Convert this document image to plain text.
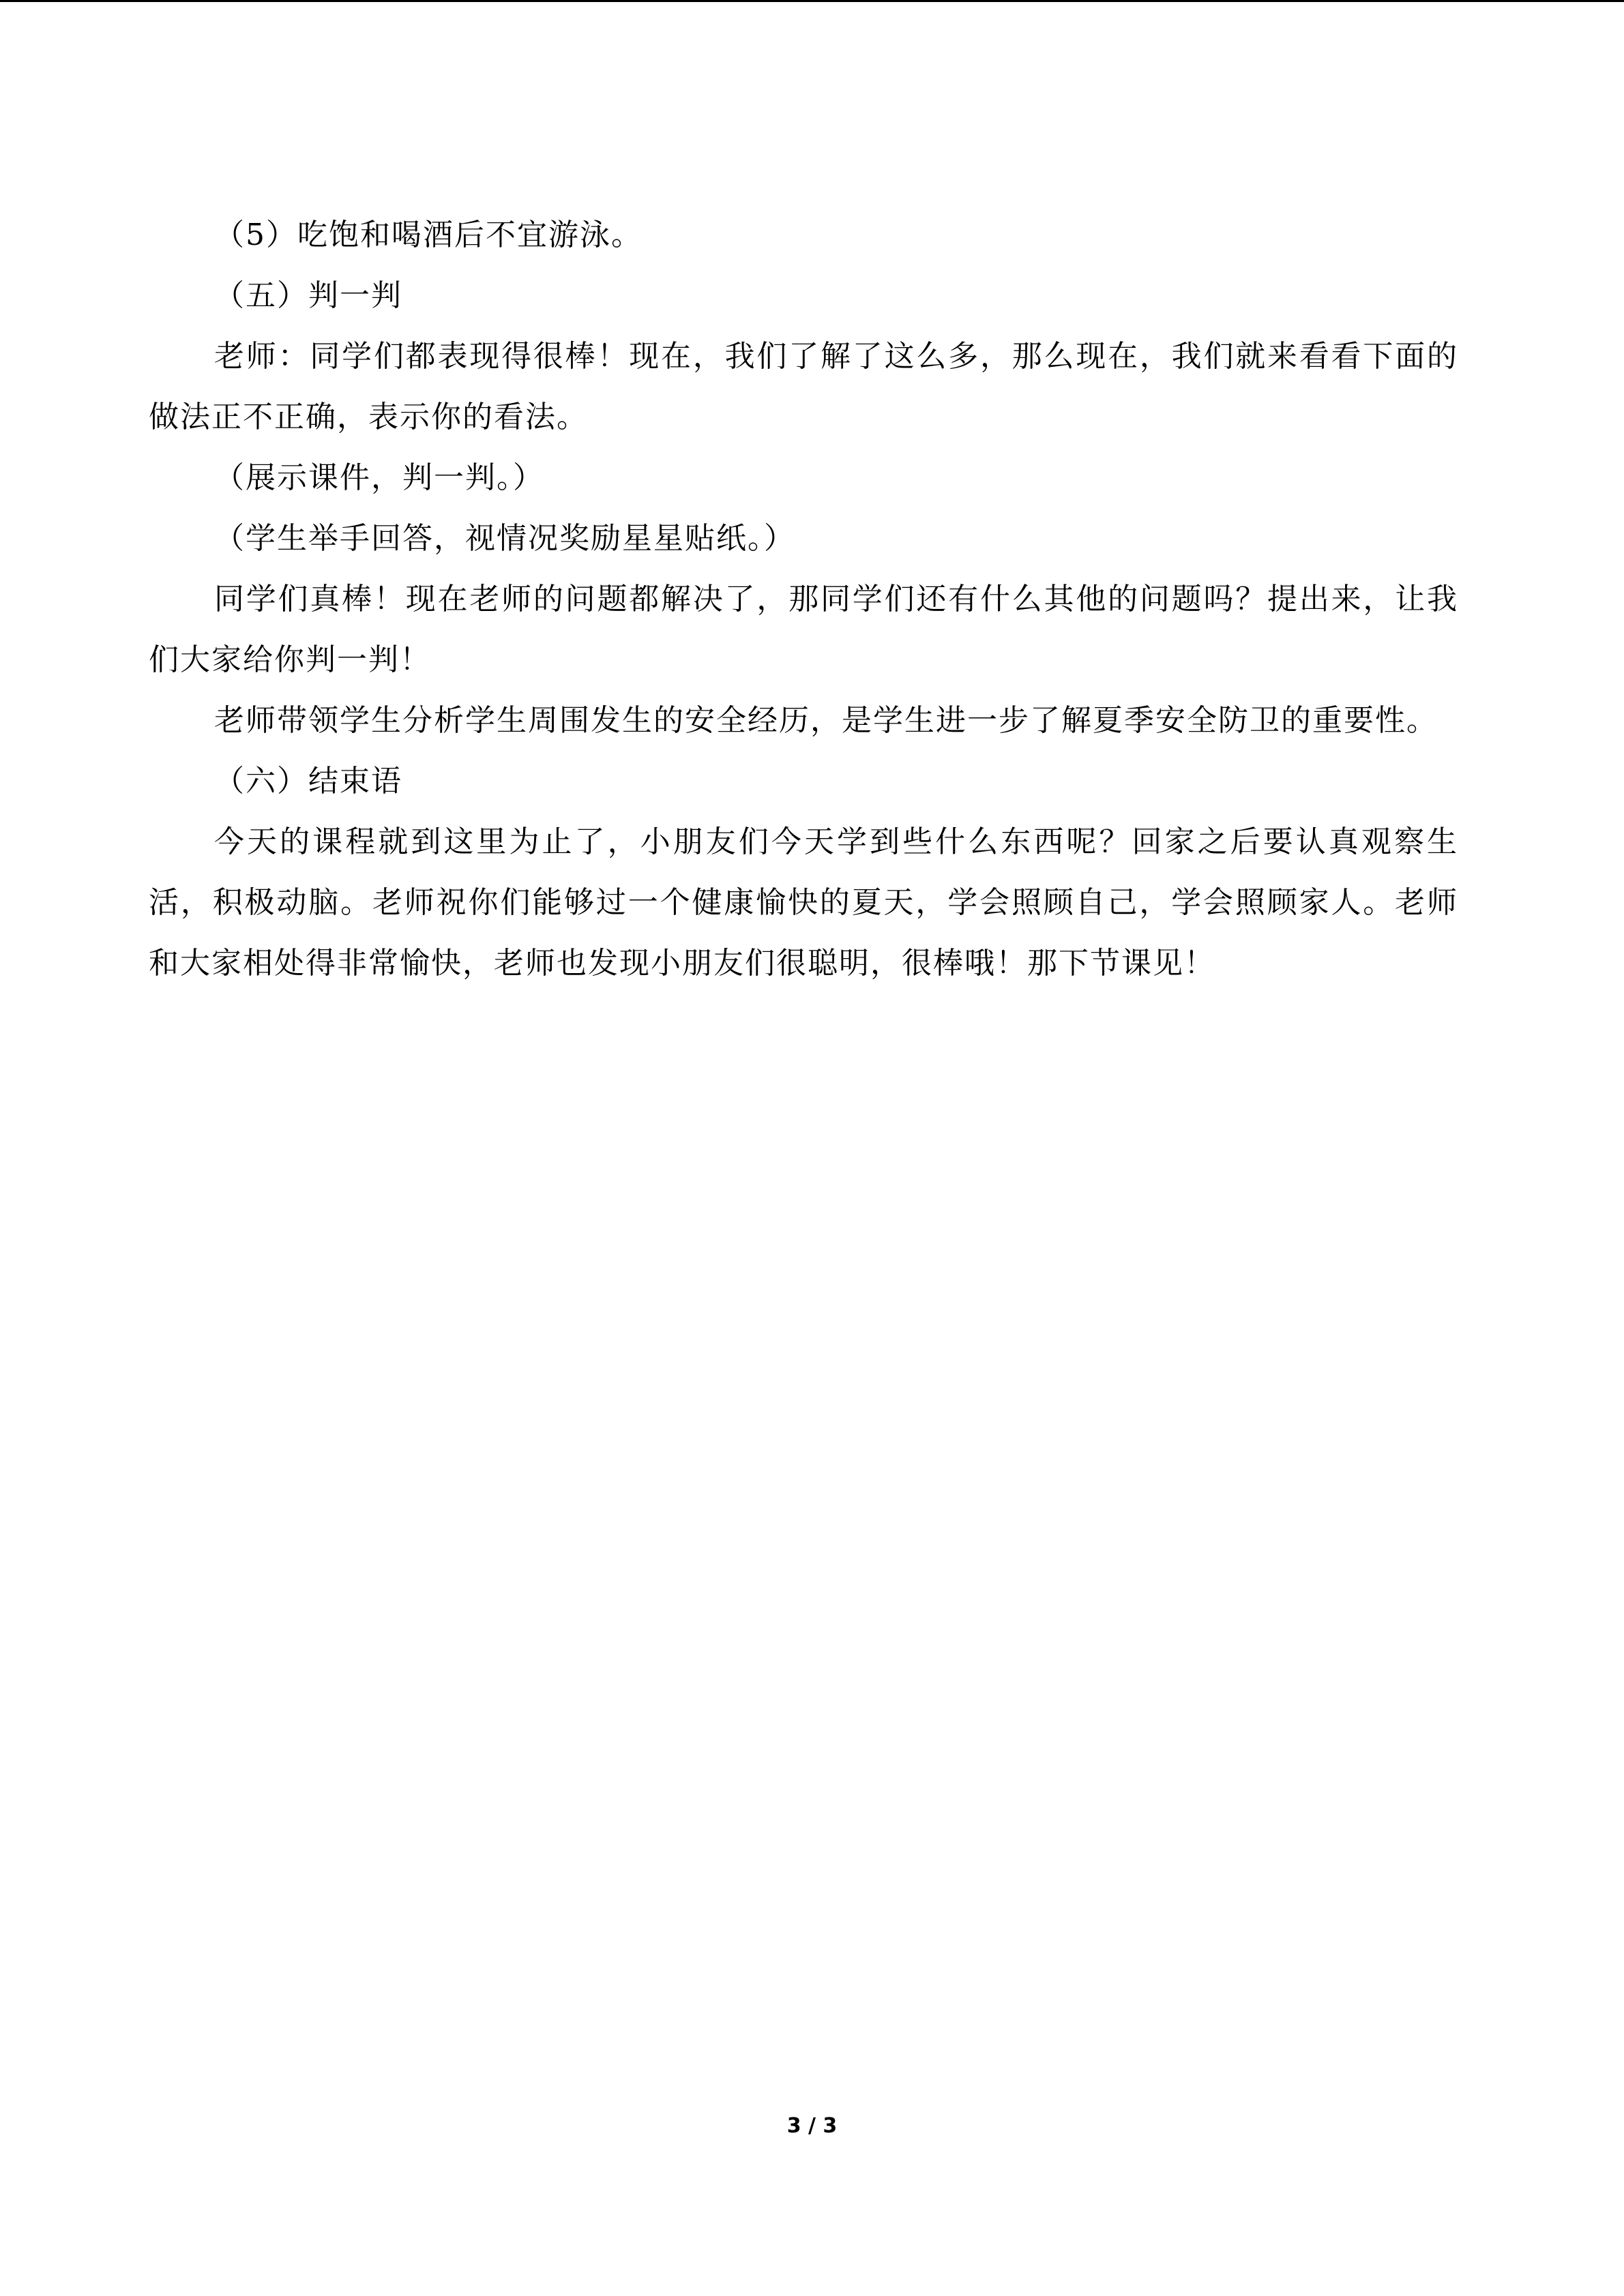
（5）吃饱和喝酒后不宜游泳。

（五）判一判

老师：同学们都表现得很棒！现在，我们了解了这么多，那么现在，我们就来看看下面的做法正不正确，表示你的看法。

（展示课件，判一判。）

（学生举手回答，视情况奖励星星贴纸。）

同学们真棒！现在老师的问题都解决了，那同学们还有什么其他的问题吗？提出来，让我们大家给你判一判！

老师带领学生分析学生周围发生的安全经历，是学生进一步了解夏季安全防卫的重要性。

（六）结束语

今天的课程就到这里为止了，小朋友们今天学到些什么东西呢？回家之后要认真观察生活，积极动脑。老师祝你们能够过一个健康愉快的夏天，学会照顾自己，学会照顾家人。老师和大家相处得非常愉快，老师也发现小朋友们很聪明，很棒哦！那下节课见！

3 / 3
